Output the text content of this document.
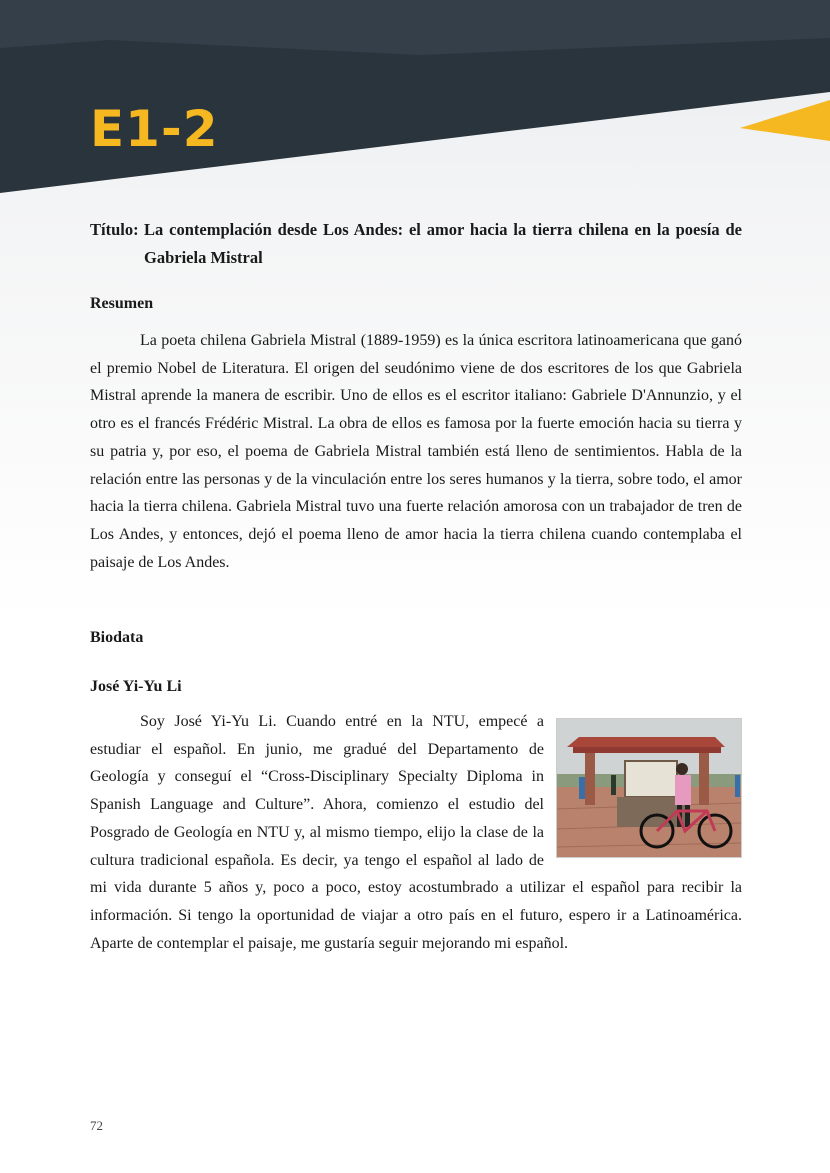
E1-2
Título: La contemplación desde Los Andes: el amor hacia la tierra chilena en la poesía de
Gabriela Mistral
Resumen

La poeta chilena Gabriela Mistral (1889-1959) es la única escritora latinoamericana que ganó el premio Nobel de Literatura. El origen del seudónimo viene de dos escritores de los que Gabriela Mistral aprende la manera de escribir. Uno de ellos es el escritor italiano: Gabriele D'Annunzio, y el otro es el francés Frédéric Mistral. La obra de ellos es famosa por la fuerte emoción hacia su tierra y su patria y, por eso, el poema de Gabriela Mistral también está lleno de sentimientos. Habla de la relación entre las personas y de la vinculación entre los seres humanos y la tierra, sobre todo, el amor hacia la tierra chilena. Gabriela Mistral tuvo una fuerte relación amorosa con un trabajador de tren de Los Andes, y entonces, dejó el poema lleno de amor hacia la tierra chilena cuando contemplaba el paisaje de Los Andes.

Biodata
José Yi-Yu Li

Soy José Yi-Yu Li. Cuando entré en la NTU, empecé a estudiar el español. En junio, me gradué del Departamento de Geología y conseguí el “Cross-Disciplinary Specialty Diploma in Spanish Language and Culture”. Ahora, comienzo el estudio del Posgrado de Geología en NTU y, al mismo tiempo, elijo la clase de la cultura tradicional española. Es decir, ya tengo el español al lado de mi vida durante 5 años y, poco a poco, estoy acostumbrado a utilizar el español para recibir la información. Si tengo la oportunidad de viajar a otro país en el futuro, espero ir a Latinoamérica. Aparte de contemplar el paisaje, me gustaría seguir mejorando mi español.

72
